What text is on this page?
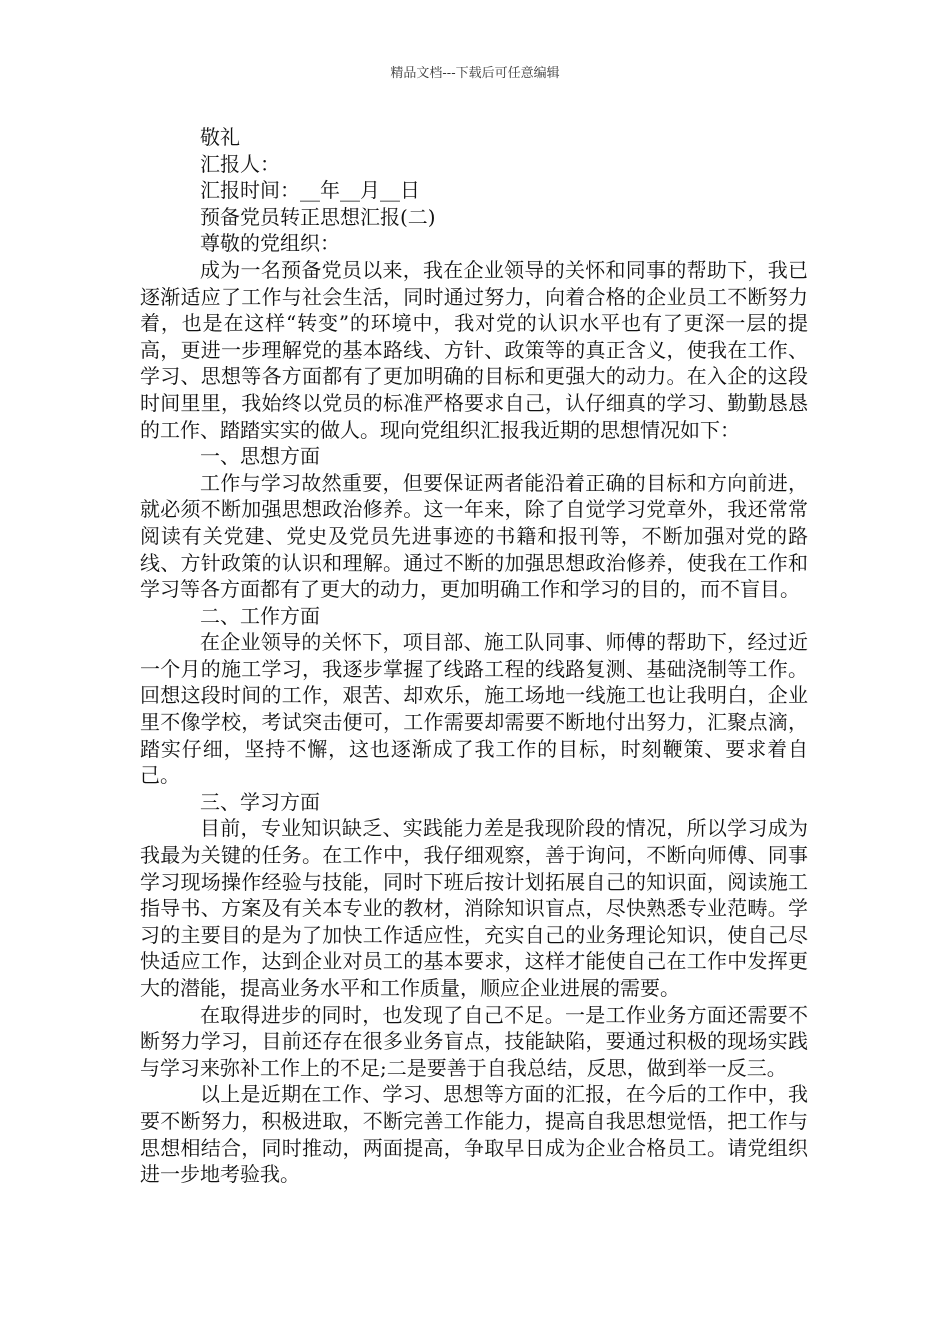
精品文档---下载后可任意编辑

敬礼

汇报人：

汇报时间：__年__月__日

预备党员转正思想汇报(二)

尊敬的党组织：

成为一名预备党员以来，我在企业领导的关怀和同事的帮助下，我已逐渐适应了工作与社会生活，同时通过努力，向着合格的企业员工不断努力着，也是在这样“转变”的环境中，我对党的认识水平也有了更深一层的提高，更进一步理解党的基本路线、方针、政策等的真正含义，使我在工作、学习、思想等各方面都有了更加明确的目标和更强大的动力。在入企的这段时间里里，我始终以党员的标准严格要求自己，认仔细真的学习、勤勤恳恳的工作、踏踏实实的做人。现向党组织汇报我近期的思想情况如下：

一、思想方面

工作与学习故然重要，但要保证两者能沿着正确的目标和方向前进，就必须不断加强思想政治修养。这一年来，除了自觉学习党章外，我还常常阅读有关党建、党史及党员先进事迹的书籍和报刊等，不断加强对党的路线、方针政策的认识和理解。通过不断的加强思想政治修养，使我在工作和学习等各方面都有了更大的动力，更加明确工作和学习的目的，而不盲目。

二、工作方面

在企业领导的关怀下，项目部、施工队同事、师傅的帮助下，经过近一个月的施工学习，我逐步掌握了线路工程的线路复测、基础浇制等工作。回想这段时间的工作，艰苦、却欢乐，施工场地一线施工也让我明白，企业里不像学校，考试突击便可，工作需要却需要不断地付出努力，汇聚点滴，踏实仔细，坚持不懈，这也逐渐成了我工作的目标，时刻鞭策、要求着自己。

三、学习方面

目前，专业知识缺乏、实践能力差是我现阶段的情况，所以学习成为我最为关键的任务。在工作中，我仔细观察，善于询问，不断向师傅、同事学习现场操作经验与技能，同时下班后按计划拓展自己的知识面，阅读施工指导书、方案及有关本专业的教材，消除知识盲点，尽快熟悉专业范畴。学习的主要目的是为了加快工作适应性，充实自己的业务理论知识，使自己尽快适应工作，达到企业对员工的基本要求，这样才能使自己在工作中发挥更大的潜能，提高业务水平和工作质量，顺应企业进展的需要。

在取得进步的同时，也发现了自己不足。一是工作业务方面还需要不断努力学习，目前还存在很多业务盲点，技能缺陷，要通过积极的现场实践与学习来弥补工作上的不足;二是要善于自我总结，反思，做到举一反三。

以上是近期在工作、学习、思想等方面的汇报，在今后的工作中，我要不断努力，积极进取，不断完善工作能力，提高自我思想觉悟，把工作与思想相结合，同时推动，两面提高，争取早日成为企业合格员工。请党组织进一步地考验我。
